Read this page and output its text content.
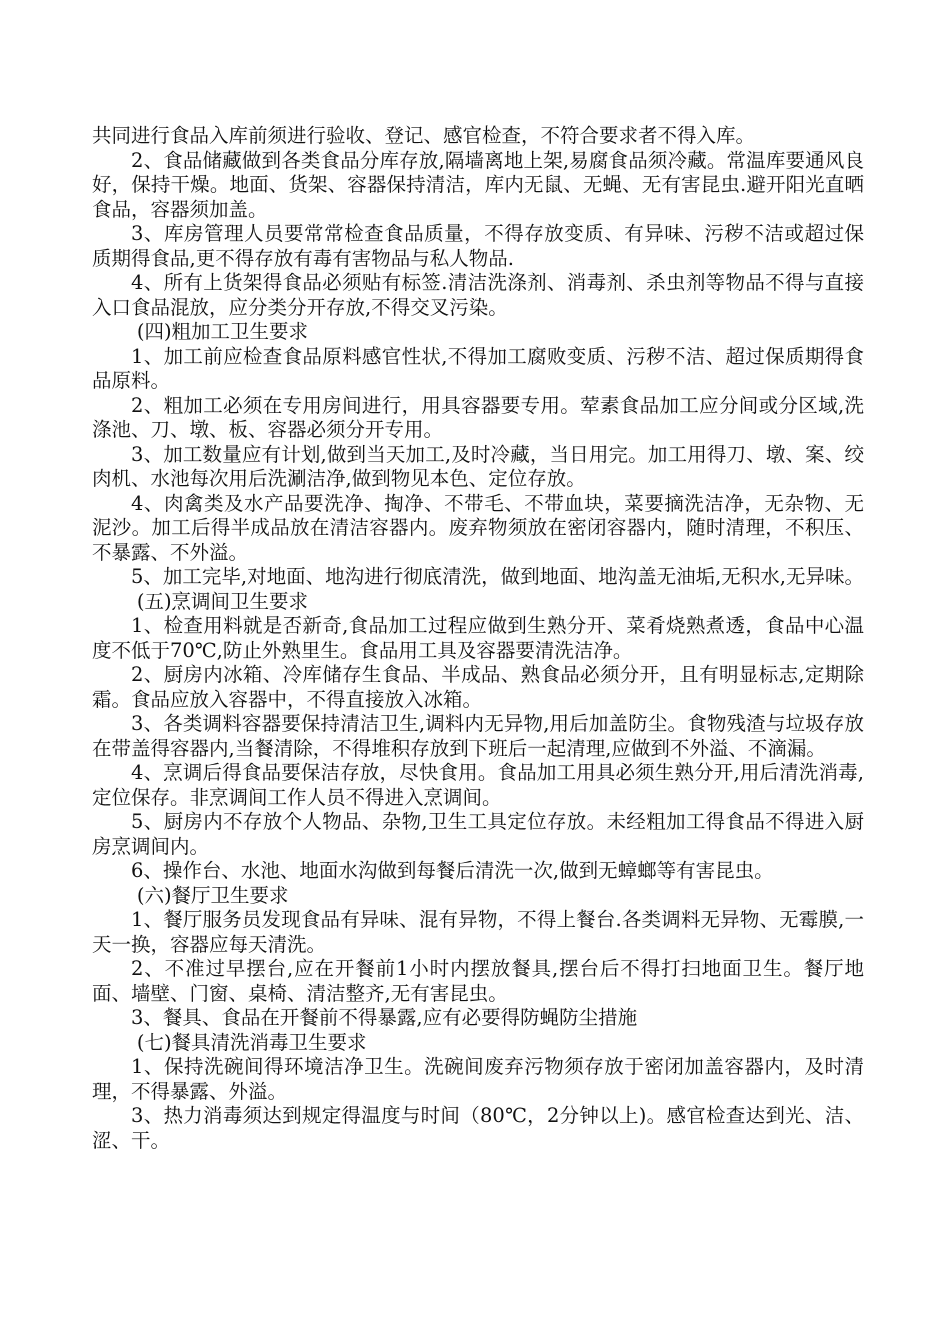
共同进行食品入库前须进行验收、登记、感官检查，不符合要求者不得入库。

2、食品储藏做到各类食品分库存放,隔墙离地上架,易腐食品须冷藏。常温库要通风良好，保持干燥。地面、货架、容器保持清洁，库内无鼠、无蝇、无有害昆虫.避开阳光直晒食品，容器须加盖。

3、库房管理人员要常常检查食品质量，不得存放变质、有异味、污秽不洁或超过保质期得食品,更不得存放有毒有害物品与私人物品.

4、所有上货架得食品必须贴有标签.清洁洗涤剂、消毒剂、杀虫剂等物品不得与直接入口食品混放，应分类分开存放,不得交叉污染。

(四)粗加工卫生要求

1、加工前应检查食品原料感官性状,不得加工腐败变质、污秽不洁、超过保质期得食品原料。

2、粗加工必须在专用房间进行，用具容器要专用。荤素食品加工应分间或分区域,洗涤池、刀、墩、板、容器必须分开专用。

3、加工数量应有计划,做到当天加工,及时冷藏，当日用完。加工用得刀、墩、案、绞肉机、水池每次用后洗涮洁净,做到物见本色、定位存放。

4、肉禽类及水产品要洗净、掏净、不带毛、不带血块，菜要摘洗洁净，无杂物、无泥沙。加工后得半成品放在清洁容器内。废弃物须放在密闭容器内，随时清理，不积压、不暴露、不外溢。

5、加工完毕,对地面、地沟进行彻底清洗，做到地面、地沟盖无油垢,无积水,无异味。

(五)烹调间卫生要求

1、检查用料就是否新奇,食品加工过程应做到生熟分开、菜肴烧熟煮透，食品中心温度不低于70℃,防止外熟里生。食品用工具及容器要清洗洁净。

2、厨房内冰箱、冷库储存生食品、半成品、熟食品必须分开，且有明显标志,定期除霜。食品应放入容器中，不得直接放入冰箱。

3、各类调料容器要保持清洁卫生,调料内无异物,用后加盖防尘。食物残渣与垃圾存放在带盖得容器内,当餐清除，不得堆积存放到下班后一起清理,应做到不外溢、不滴漏。

4、烹调后得食品要保洁存放，尽快食用。食品加工用具必须生熟分开,用后清洗消毒,定位保存。非烹调间工作人员不得进入烹调间。

5、厨房内不存放个人物品、杂物,卫生工具定位存放。未经粗加工得食品不得进入厨房烹调间内。

6、操作台、水池、地面水沟做到每餐后清洗一次,做到无蟑螂等有害昆虫。

(六)餐厅卫生要求

1、餐厅服务员发现食品有异味、混有异物，不得上餐台.各类调料无异物、无霉膜,一天一换，容器应每天清洗。

2、不准过早摆台,应在开餐前1小时内摆放餐具,摆台后不得打扫地面卫生。餐厅地面、墙壁、门窗、桌椅、清洁整齐,无有害昆虫。

3、餐具、食品在开餐前不得暴露,应有必要得防蝇防尘措施

(七)餐具清洗消毒卫生要求

1、保持洗碗间得环境洁净卫生。洗碗间废弃污物须存放于密闭加盖容器内，及时清理，不得暴露、外溢。

3、热力消毒须达到规定得温度与时间（80℃，2分钟以上)。感官检查达到光、洁、涩、干。
